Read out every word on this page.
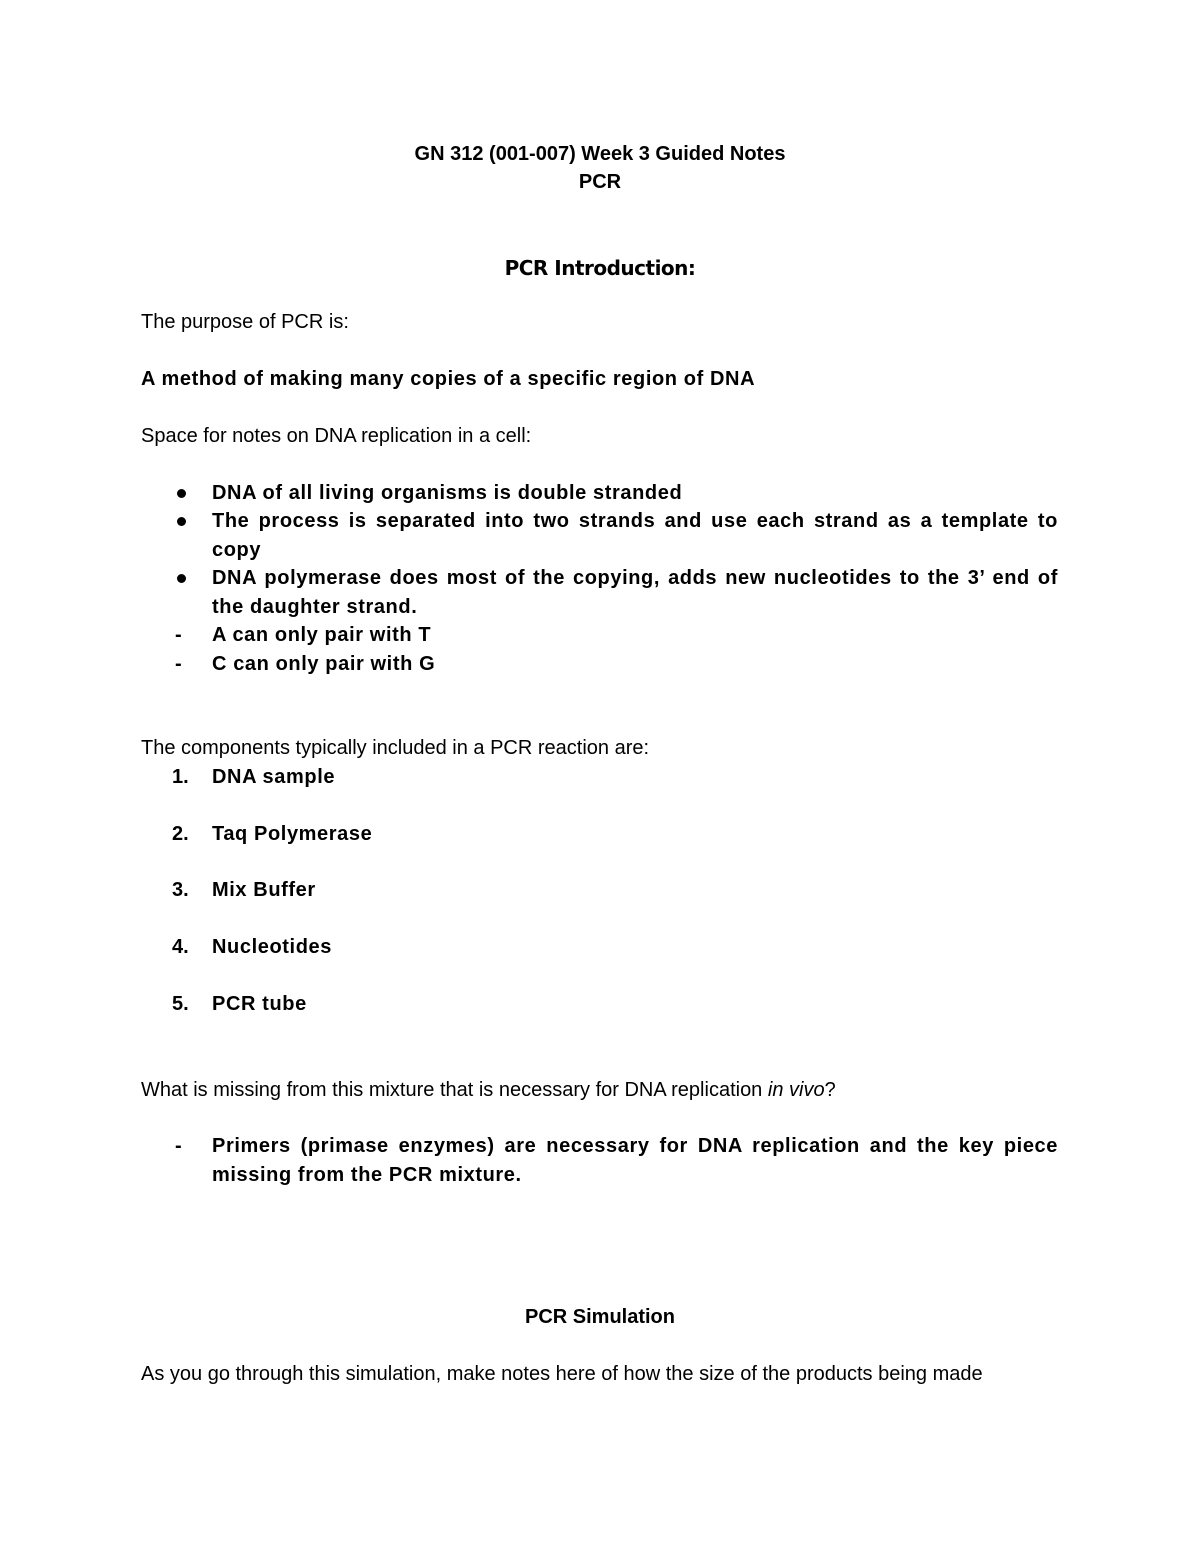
GN 312 (001-007) Week 3 Guided Notes
PCR
PCR Introduction:
The purpose of PCR is:
A method of making many copies of a specific region of DNA
Space for notes on DNA replication in a cell:
DNA of all living organisms is double stranded
The process is separated into two strands and use each strand as a template to
copy
DNA polymerase does most of the copying, adds new nucleotides to the 3’ end of
the daughter strand.
-	A can only pair with T
-	C can only pair with G
The components typically included in a PCR reaction are:
1. DNA sample
2. Taq Polymerase
3. Mix Buffer
4. Nucleotides
5. PCR tube
What is missing from this mixture that is necessary for DNA replication in vivo?
-	Primers (primase enzymes) are necessary for DNA replication and the key piece
missing from the PCR mixture.
PCR Simulation
As you go through this simulation, make notes here of how the size of the products being made
